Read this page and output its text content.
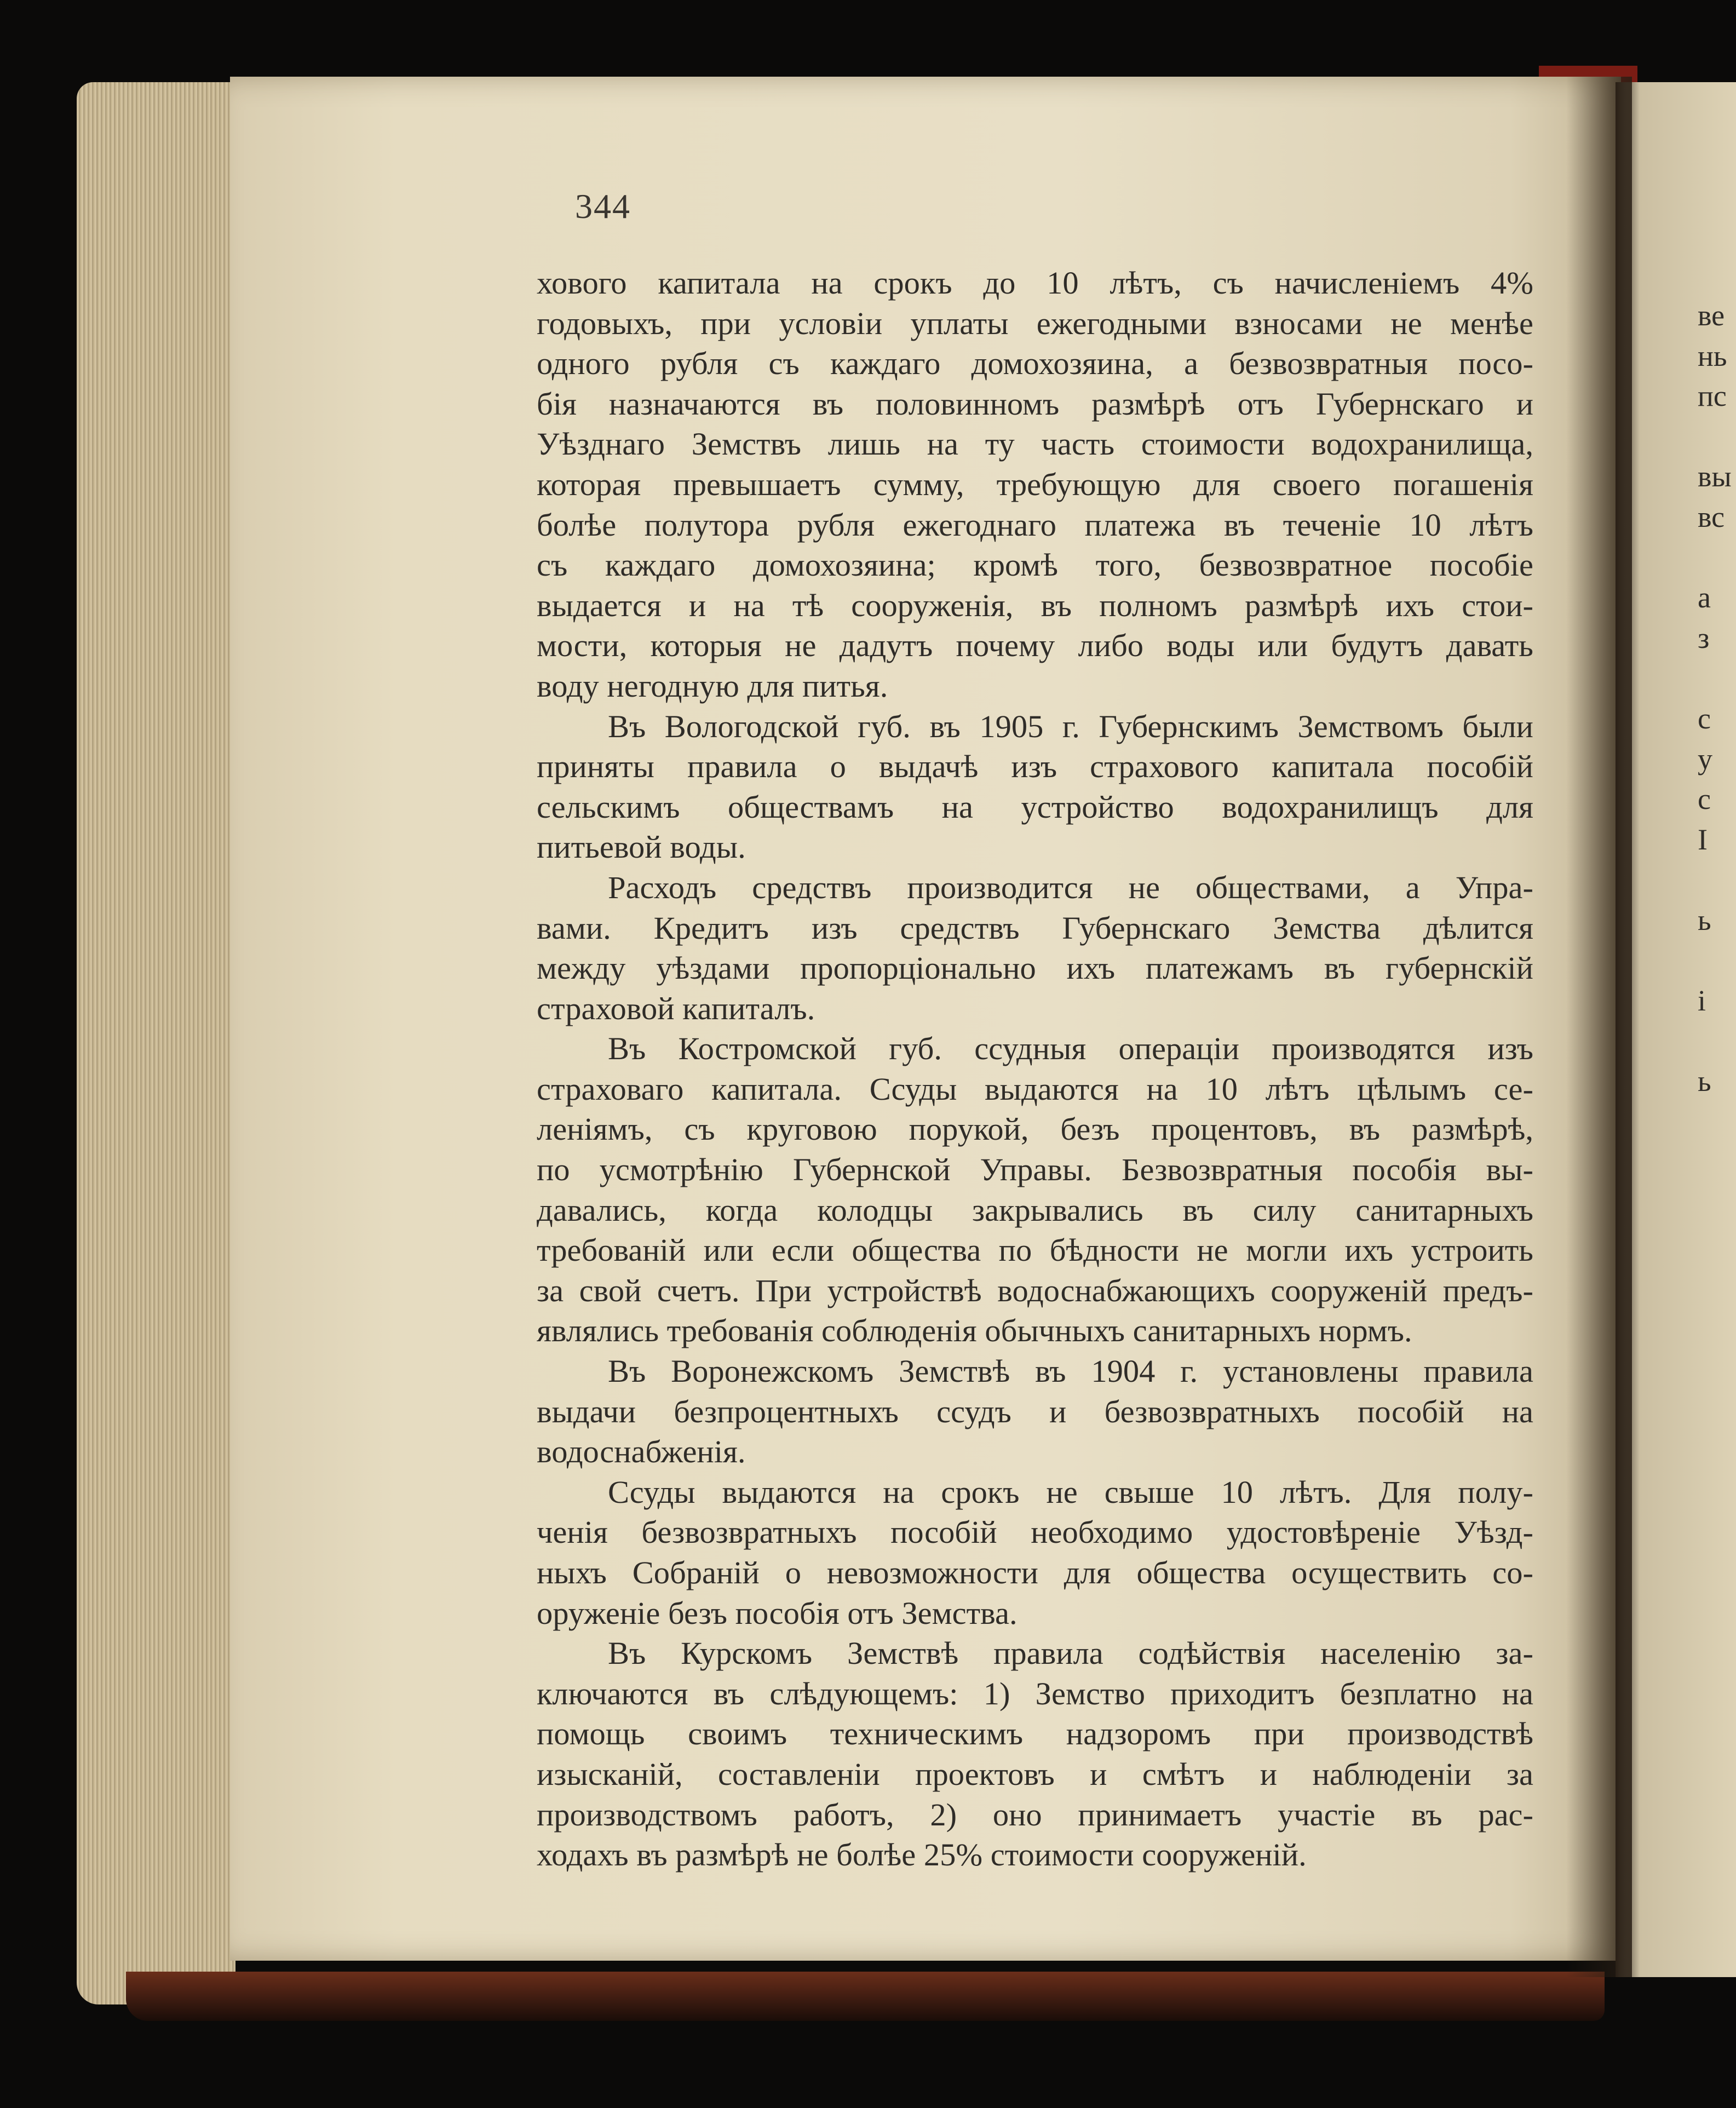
344
хового капитала на срокъ до 10 лѣтъ, съ начисленіемъ 4%
годовыхъ, при условіи уплаты ежегодными взносами не менѣе
одного рубля съ каждаго домохозяина, а безвозвратныя посо-
бія назначаются въ половинномъ размѣрѣ отъ Губернскаго и
Уѣзднаго Земствъ лишь на ту часть стоимости водохранилища,
которая превышаетъ сумму, требующую для своего погашенія
болѣе полутора рубля ежегоднаго платежа въ теченіе 10 лѣтъ
съ каждаго домохозяина; кромѣ того, безвозвратное пособіе
выдается и на тѣ сооруженія, въ полномъ размѣрѣ ихъ стои-
мости, которыя не дадутъ почему либо воды или будутъ давать
воду негодную для питья.
Въ Вологодской губ. въ 1905 г. Губернскимъ Земствомъ были
приняты правила о выдачѣ изъ страхового капитала пособій
сельскимъ обществамъ на устройство водохранилищъ для
питьевой воды.
Расходъ средствъ производится не обществами, а Упра-
вами. Кредитъ изъ средствъ Губернскаго Земства дѣлится
между уѣздами пропорціонально ихъ платежамъ въ губернскій
страховой капиталъ.
Въ Костромской губ. ссудныя операціи производятся изъ
страховаго капитала. Ссуды выдаются на 10 лѣтъ цѣлымъ се-
леніямъ, съ круговою порукой, безъ процентовъ, въ размѣрѣ,
по усмотрѣнію Губернской Управы. Безвозвратныя пособія вы-
давались, когда колодцы закрывались въ силу санитарныхъ
требованій или если общества по бѣдности не могли ихъ устроить
за свой счетъ. При устройствѣ водоснабжающихъ сооруженій предъ-
являлись требованія соблюденія обычныхъ санитарныхъ нормъ.
Въ Воронежскомъ Земствѣ въ 1904 г. установлены правила
выдачи безпроцентныхъ ссудъ и безвозвратныхъ пособій на
водоснабженія.
Ссуды выдаются на срокъ не свыше 10 лѣтъ. Для полу-
ченія безвозвратныхъ пособій необходимо удостовѣреніе Уѣзд-
ныхъ Собраній о невозможности для общества осуществить со-
оруженіе безъ пособія отъ Земства.
Въ Курскомъ Земствѣ правила содѣйствія населенію за-
ключаются въ слѣдующемъ: 1) Земство приходитъ безплатно на
помощь своимъ техническимъ надзоромъ при производствѣ
изысканій, составленіи проектовъ и смѣтъ и наблюденіи за
производствомъ работъ, 2) оно принимаетъ участіе въ рас-
ходахъ въ размѣрѣ не болѣе 25% стоимости сооруженій.
ве
нь
пс
вы
вс
а
з
с
у
с
І
ь
і
ь
